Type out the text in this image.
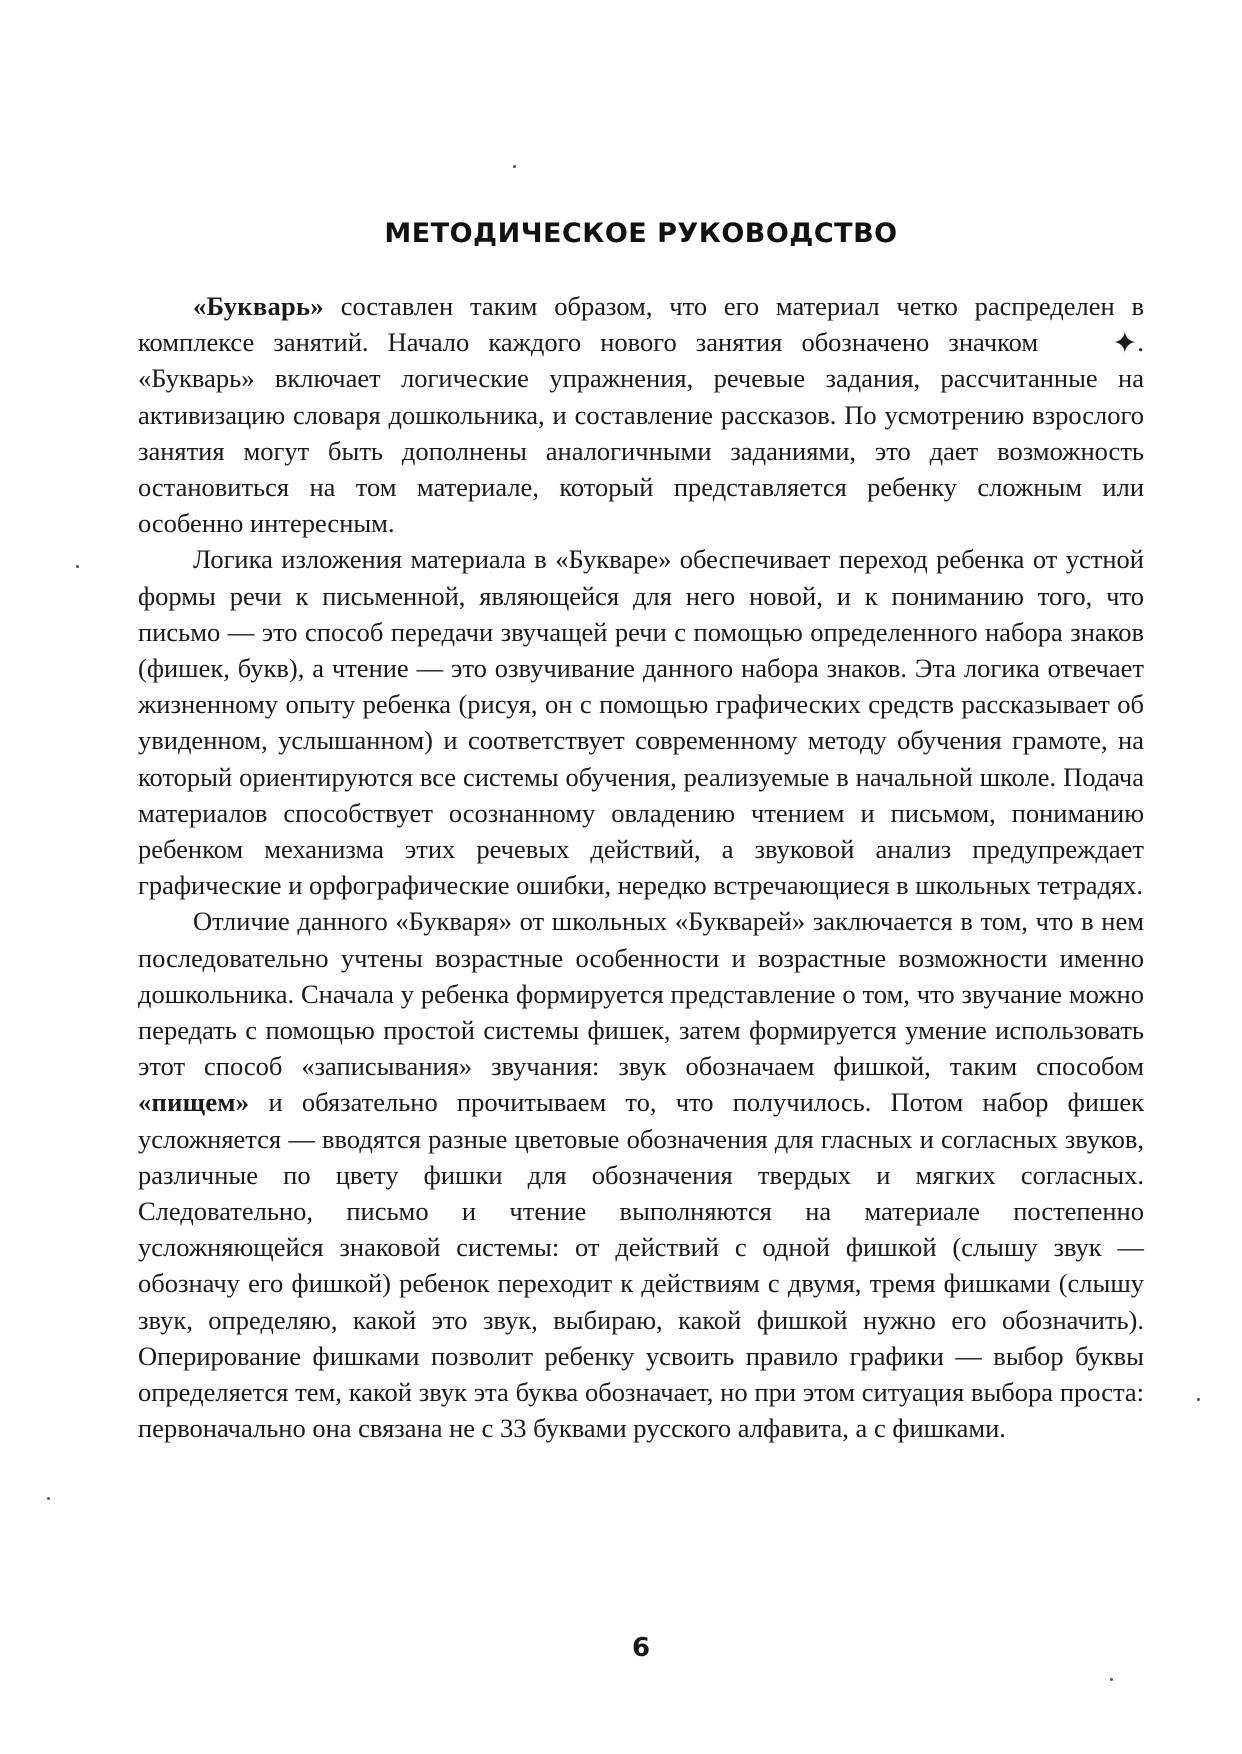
МЕТОДИЧЕСКОЕ РУКОВОДСТВО

«Букварь» составлен таким образом, что его материал четко распределен в комплексе занятий. Начало каждого нового занятия обозначено значком ✦. «Букварь» включает логические упражнения, речевые задания, рассчитанные на активизацию словаря дошкольника, и составление рассказов. По усмотрению взрослого занятия могут быть дополнены аналогичными заданиями, это дает возможность остановиться на том материале, который представляется ребенку сложным или особенно интересным.

Логика изложения материала в «Букваре» обеспечивает переход ребенка от устной формы речи к письменной, являющейся для него новой, и к пониманию того, что письмо — это способ передачи звучащей речи с помощью определенного набора знаков (фишек, букв), а чтение — это озвучивание данного набора знаков. Эта логика отвечает жизненному опыту ребенка (рисуя, он с помощью графических средств рассказывает об увиденном, услышанном) и соответствует современному методу обучения грамоте, на который ориентируются все системы обучения, реализуемые в начальной школе. Подача материалов способствует осознанному овладению чтением и письмом, пониманию ребенком механизма этих речевых действий, а звуковой анализ предупреждает графические и орфографические ошибки, нередко встречающиеся в школьных тетрадях.

Отличие данного «Букваря» от школьных «Букварей» заключается в том, что в нем последовательно учтены возрастные особенности и возрастные возможности именно дошкольника. Сначала у ребенка формируется представление о том, что звучание можно передать с помощью простой системы фишек, затем формируется умение использовать этот способ «записывания» звучания: звук обозначаем фишкой, таким способом «пищем» и обязательно прочитываем то, что получилось. Потом набор фишек усложняется — вводятся разные цветовые обозначения для гласных и согласных звуков, различные по цвету фишки для обозначения твердых и мягких согласных. Следовательно, письмо и чтение выполняются на материале постепенно усложняющейся знаковой системы: от действий с одной фишкой (слышу звук — обозначу его фишкой) ребенок переходит к действиям с двумя, тремя фишками (слышу звук, определяю, какой это звук, выбираю, какой фишкой нужно его обозначить). Оперирование фишками позволит ребенку усвоить правило графики — выбор буквы определяется тем, какой звук эта буква обозначает, но при этом ситуация выбора проста: первоначально она связана не с 33 буквами русского алфавита, а с фишками.

6
